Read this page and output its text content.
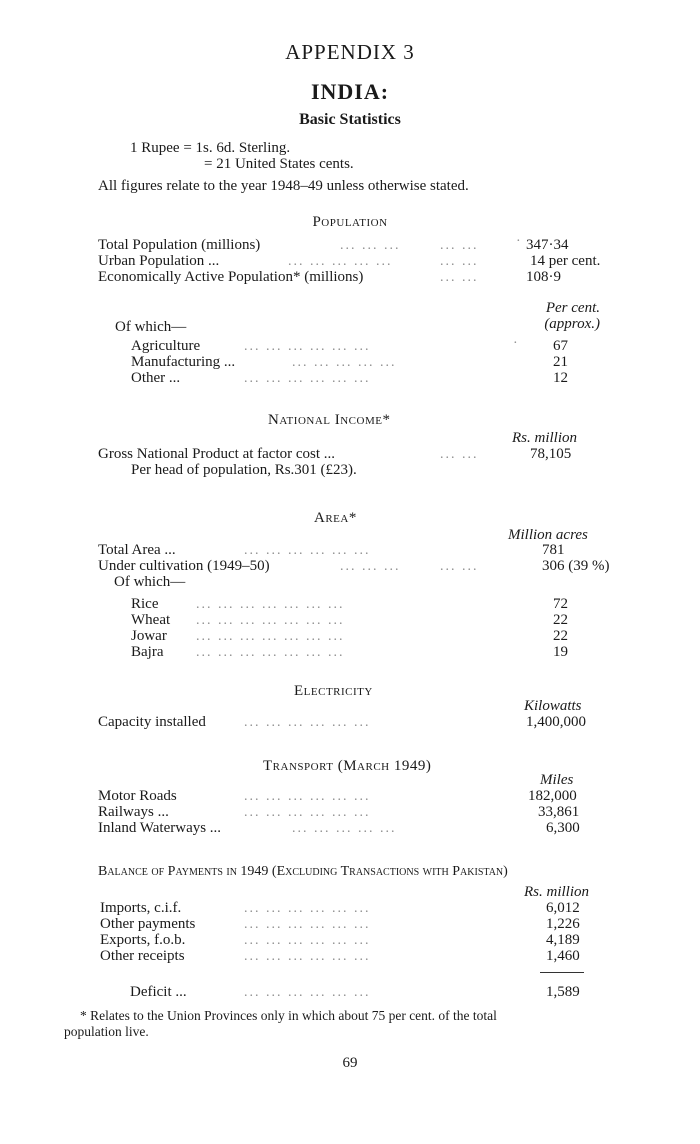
APPENDIX 3
INDIA:
Basic Statistics
1 Rupee = 1s. 6d. Sterling.
= 21 United States cents.
All figures relate to the year 1948–49 unless otherwise stated.
Population
Total Population (millions)	... ... ...	... ...	· 347·34
Urban Population ...	... ... ... ... ...	... ...	14 per cent.
Economically Active Population* (millions)	... ...	108·9
Per cent.
(approx.)
Of which—
Agriculture	... ... ... ... ... ...	·	67
Manufacturing ...	... ... ... ... ...	21
Other ...	... ... ... ... ... ...	12
National Income*
Rs. million
Gross National Product at factor cost ...	... ...	78,105
Per head of population, Rs.301 (£23).
Area*
Million acres
Total Area ...	... ... ... ... ... ...	781
Under cultivation (1949–50)	... ... ...	... ...	306 (39 %)
Of which—
Rice	... ... ... ... ... ... ...	72
Wheat ... ... ... ... ... ... ...	22
Jowar ... ... ... ... ... ... ...	22
Bajra ... ... ... ... ... ... ...	19
Electricity
Kilowatts
Capacity installed	... ... ... ... ... ...	1,400,000
Transport (March 1949)
Miles
Motor Roads	... ... ... ... ... ...	182,000
Railways ...	... ... ... ... ... ...	33,861
Inland Waterways ...	... ... ... ... ...	6,300
Balance of Payments in 1949 (Excluding Transactions with Pakistan)
Rs. million
Imports, c.i.f.	... ... ... ... ... ...	6,012
Other payments	... ... ... ... ... ...	1,226
Exports, f.o.b.	... ... ... ... ... ...	4,189
Other receipts	... ... ... ... ... ...	1,460
Deficit ...	... ... ... ... ... ...	1,589
* Relates to the Union Provinces only in which about 75 per cent. of the total
population live.
69
